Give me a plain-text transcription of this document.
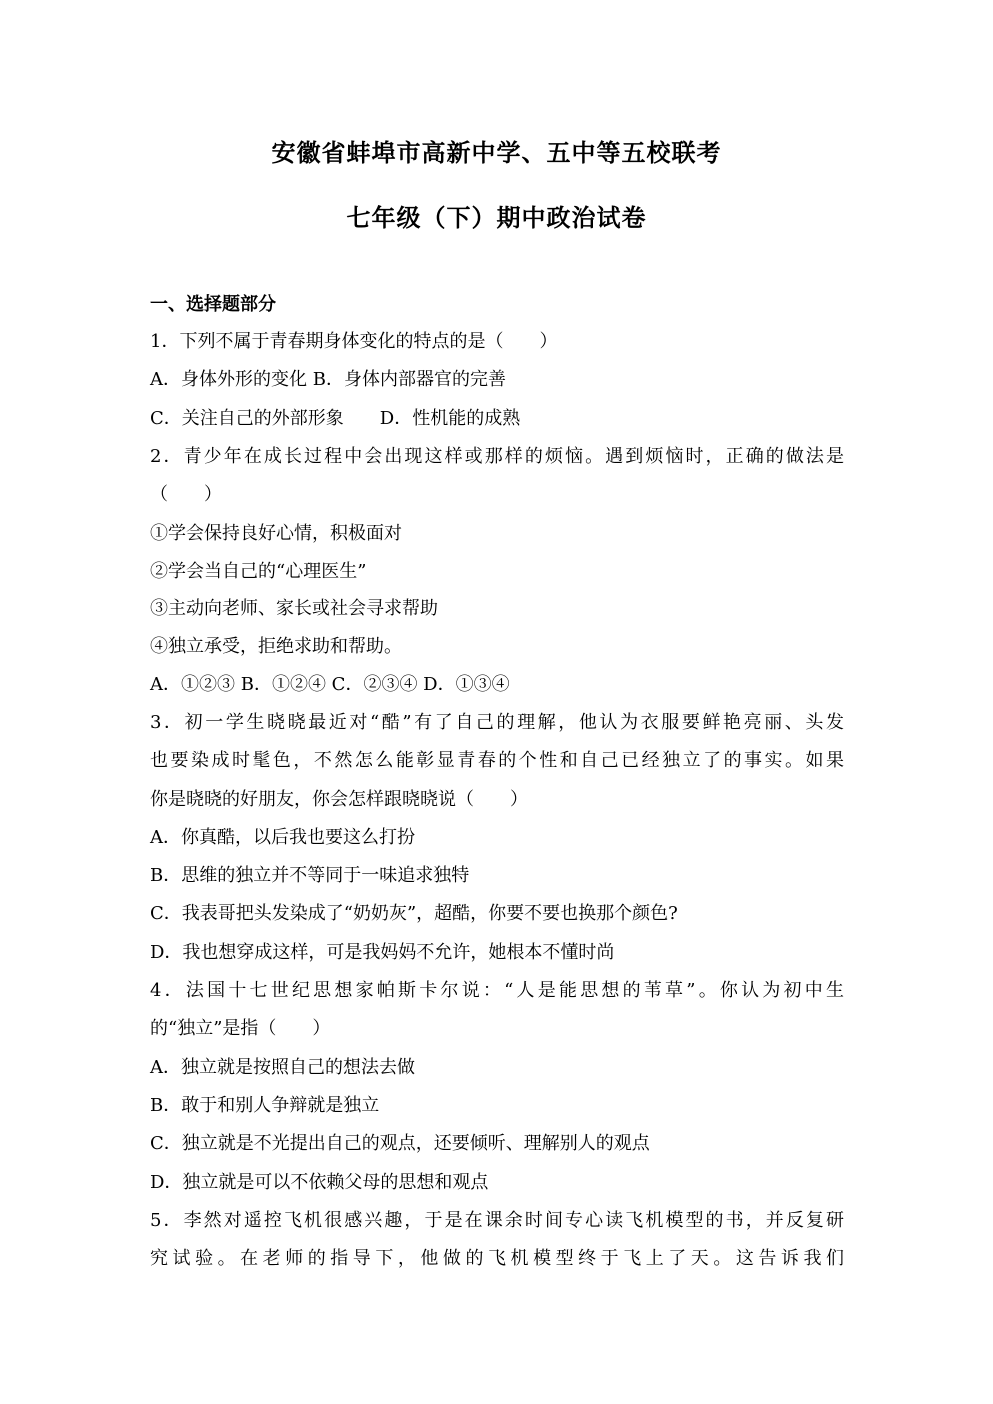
安徽省蚌埠市高新中学、五中等五校联考
七年级（下）期中政治试卷
一、选择题部分
1．下列不属于青春期身体变化的特点的是（　　）
A．身体外形的变化 B．身体内部器官的完善
C．关注自己的外部形象　　D．性机能的成熟
2．青少年在成长过程中会出现这样或那样的烦恼。遇到烦恼时，正确的做法是
（　　）
①学会保持良好心情，积极面对
②学会当自己的“心理医生”
③主动向老师、家长或社会寻求帮助
④独立承受，拒绝求助和帮助。
A．①②③ B．①②④ C．②③④ D．①③④
3．初一学生晓晓最近对“酷”有了自己的理解，他认为衣服要鲜艳亮丽、头发
也要染成时髦色，不然怎么能彰显青春的个性和自己已经独立了的事实。如果
你是晓晓的好朋友，你会怎样跟晓晓说（　　）
A．你真酷，以后我也要这么打扮
B．思维的独立并不等同于一味追求独特
C．我表哥把头发染成了“奶奶灰”，超酷，你要不要也换那个颜色?
D．我也想穿成这样，可是我妈妈不允许，她根本不懂时尚
4．法国十七世纪思想家帕斯卡尔说：“人是能思想的苇草”。你认为初中生
的“独立”是指（　　）
A．独立就是按照自己的想法去做
B．敢于和别人争辩就是独立
C．独立就是不光提出自己的观点，还要倾听、理解别人的观点
D．独立就是可以不依赖父母的思想和观点
5．李然对遥控飞机很感兴趣，于是在课余时间专心读飞机模型的书，并反复研
究试验。在老师的指导下，他做的飞机模型终于飞上了天。这告诉我们
